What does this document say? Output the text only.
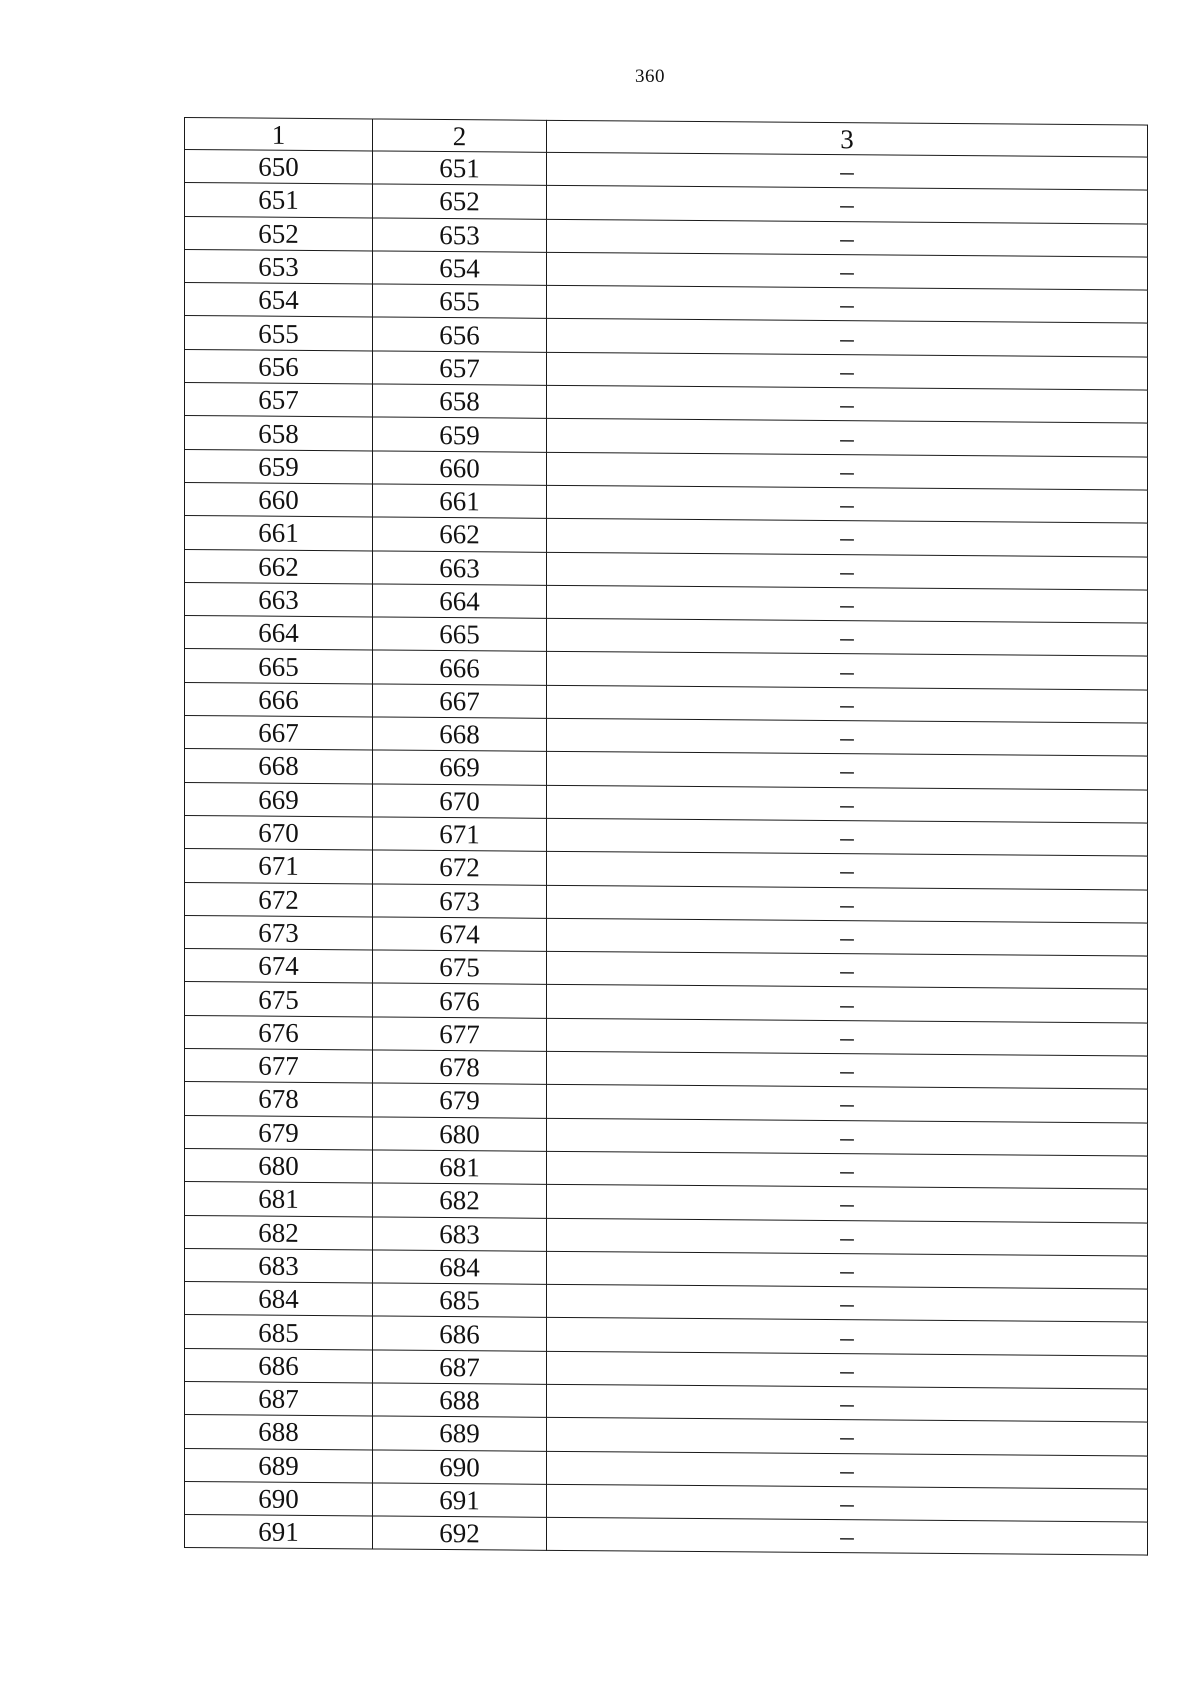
360
1	2	3
650	651	–
651	652	–
652	653	–
653	654	–
654	655	–
655	656	–
656	657	–
657	658	–
658	659	–
659	660	–
660	661	–
661	662	–
662	663	–
663	664	–
664	665	–
665	666	–
666	667	–
667	668	–
668	669	–
669	670	–
670	671	–
671	672	–
672	673	–
673	674	–
674	675	–
675	676	–
676	677	–
677	678	–
678	679	–
679	680	–
680	681	–
681	682	–
682	683	–
683	684	–
684	685	–
685	686	–
686	687	–
687	688	–
688	689	–
689	690	–
690	691	–
691	692	–
